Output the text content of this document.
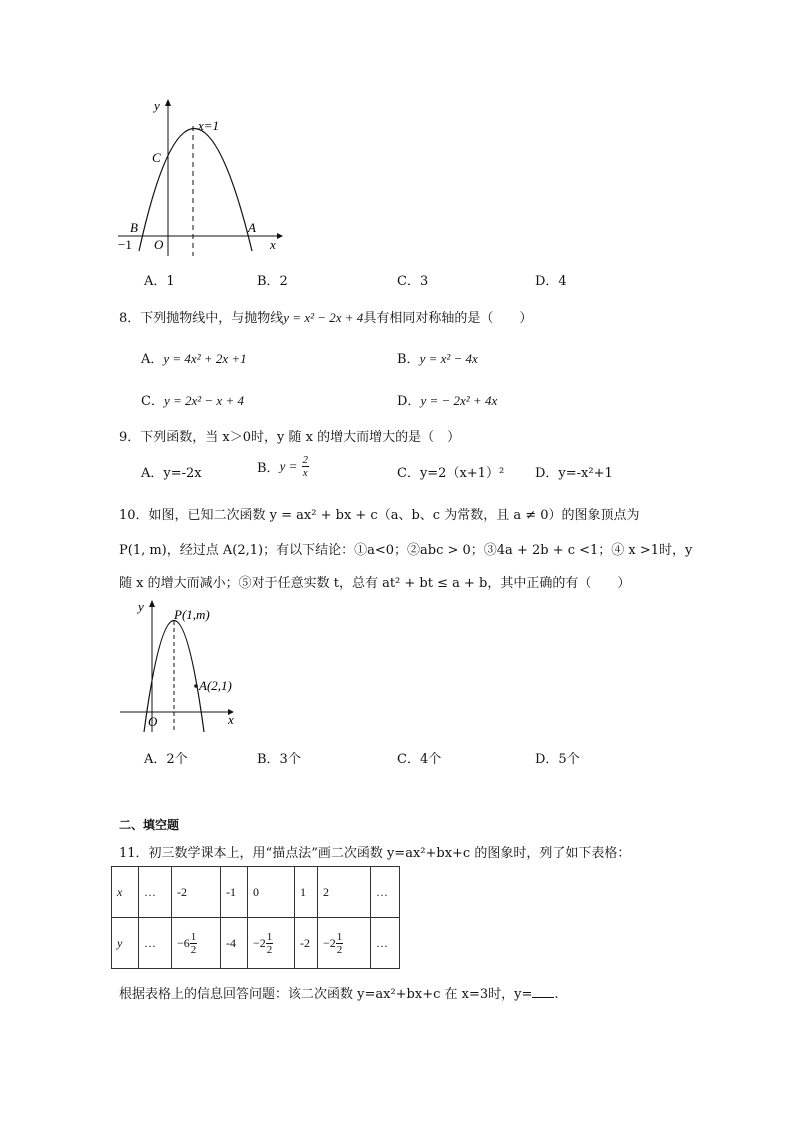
y
x=1
C
B	A
−1 O	x
A．1	B．2	C．3	D．4
8．下列抛物线中，与抛物线y = x² − 2x + 4具有相同对称轴的是（　　）
A．y = 4x² + 2x +1	B．y = x² − 4x
C．y = 2x² − x + 4	D．y = − 2x² + 4x
9．下列函数，当 x＞0时，y 随 x 的增大而增大的是（　）
A．y=-2x	B．$y = \frac{2}{x}$	C．y=2（x+1）² D．y=-x²+1
10．如图，已知二次函数 y = ax² + bx + c（a、b、c 为常数，且 a ≠ 0）的图象顶点为
P(1, m)，经过点 A(2,1)；有以下结论：①a<0；②abc > 0；③4a + 2b + c <1；④ x >1时，y
随 x 的增大而减小；⑤对于任意实数 t，总有 at² + bt ≤ a + b，其中正确的有（　　）
y
P(1,m)
A(2,1)
O	x
A．2个	B．3个	C．4个	D．5个
二、填空题
11．初三数学课本上，用“描点法”画二次函数 y=ax²+bx+c 的图象时，列了如下表格：
x	…	-2	-1	0	1	2	…
y	…	$-6 \frac{1}{2}$	-4	$-2 \frac{1}{2}$	-2	$-2 \frac{1}{2}$	…
根据表格上的信息回答问题：该二次函数 y=ax²+bx+c 在 x=3时，y= .
